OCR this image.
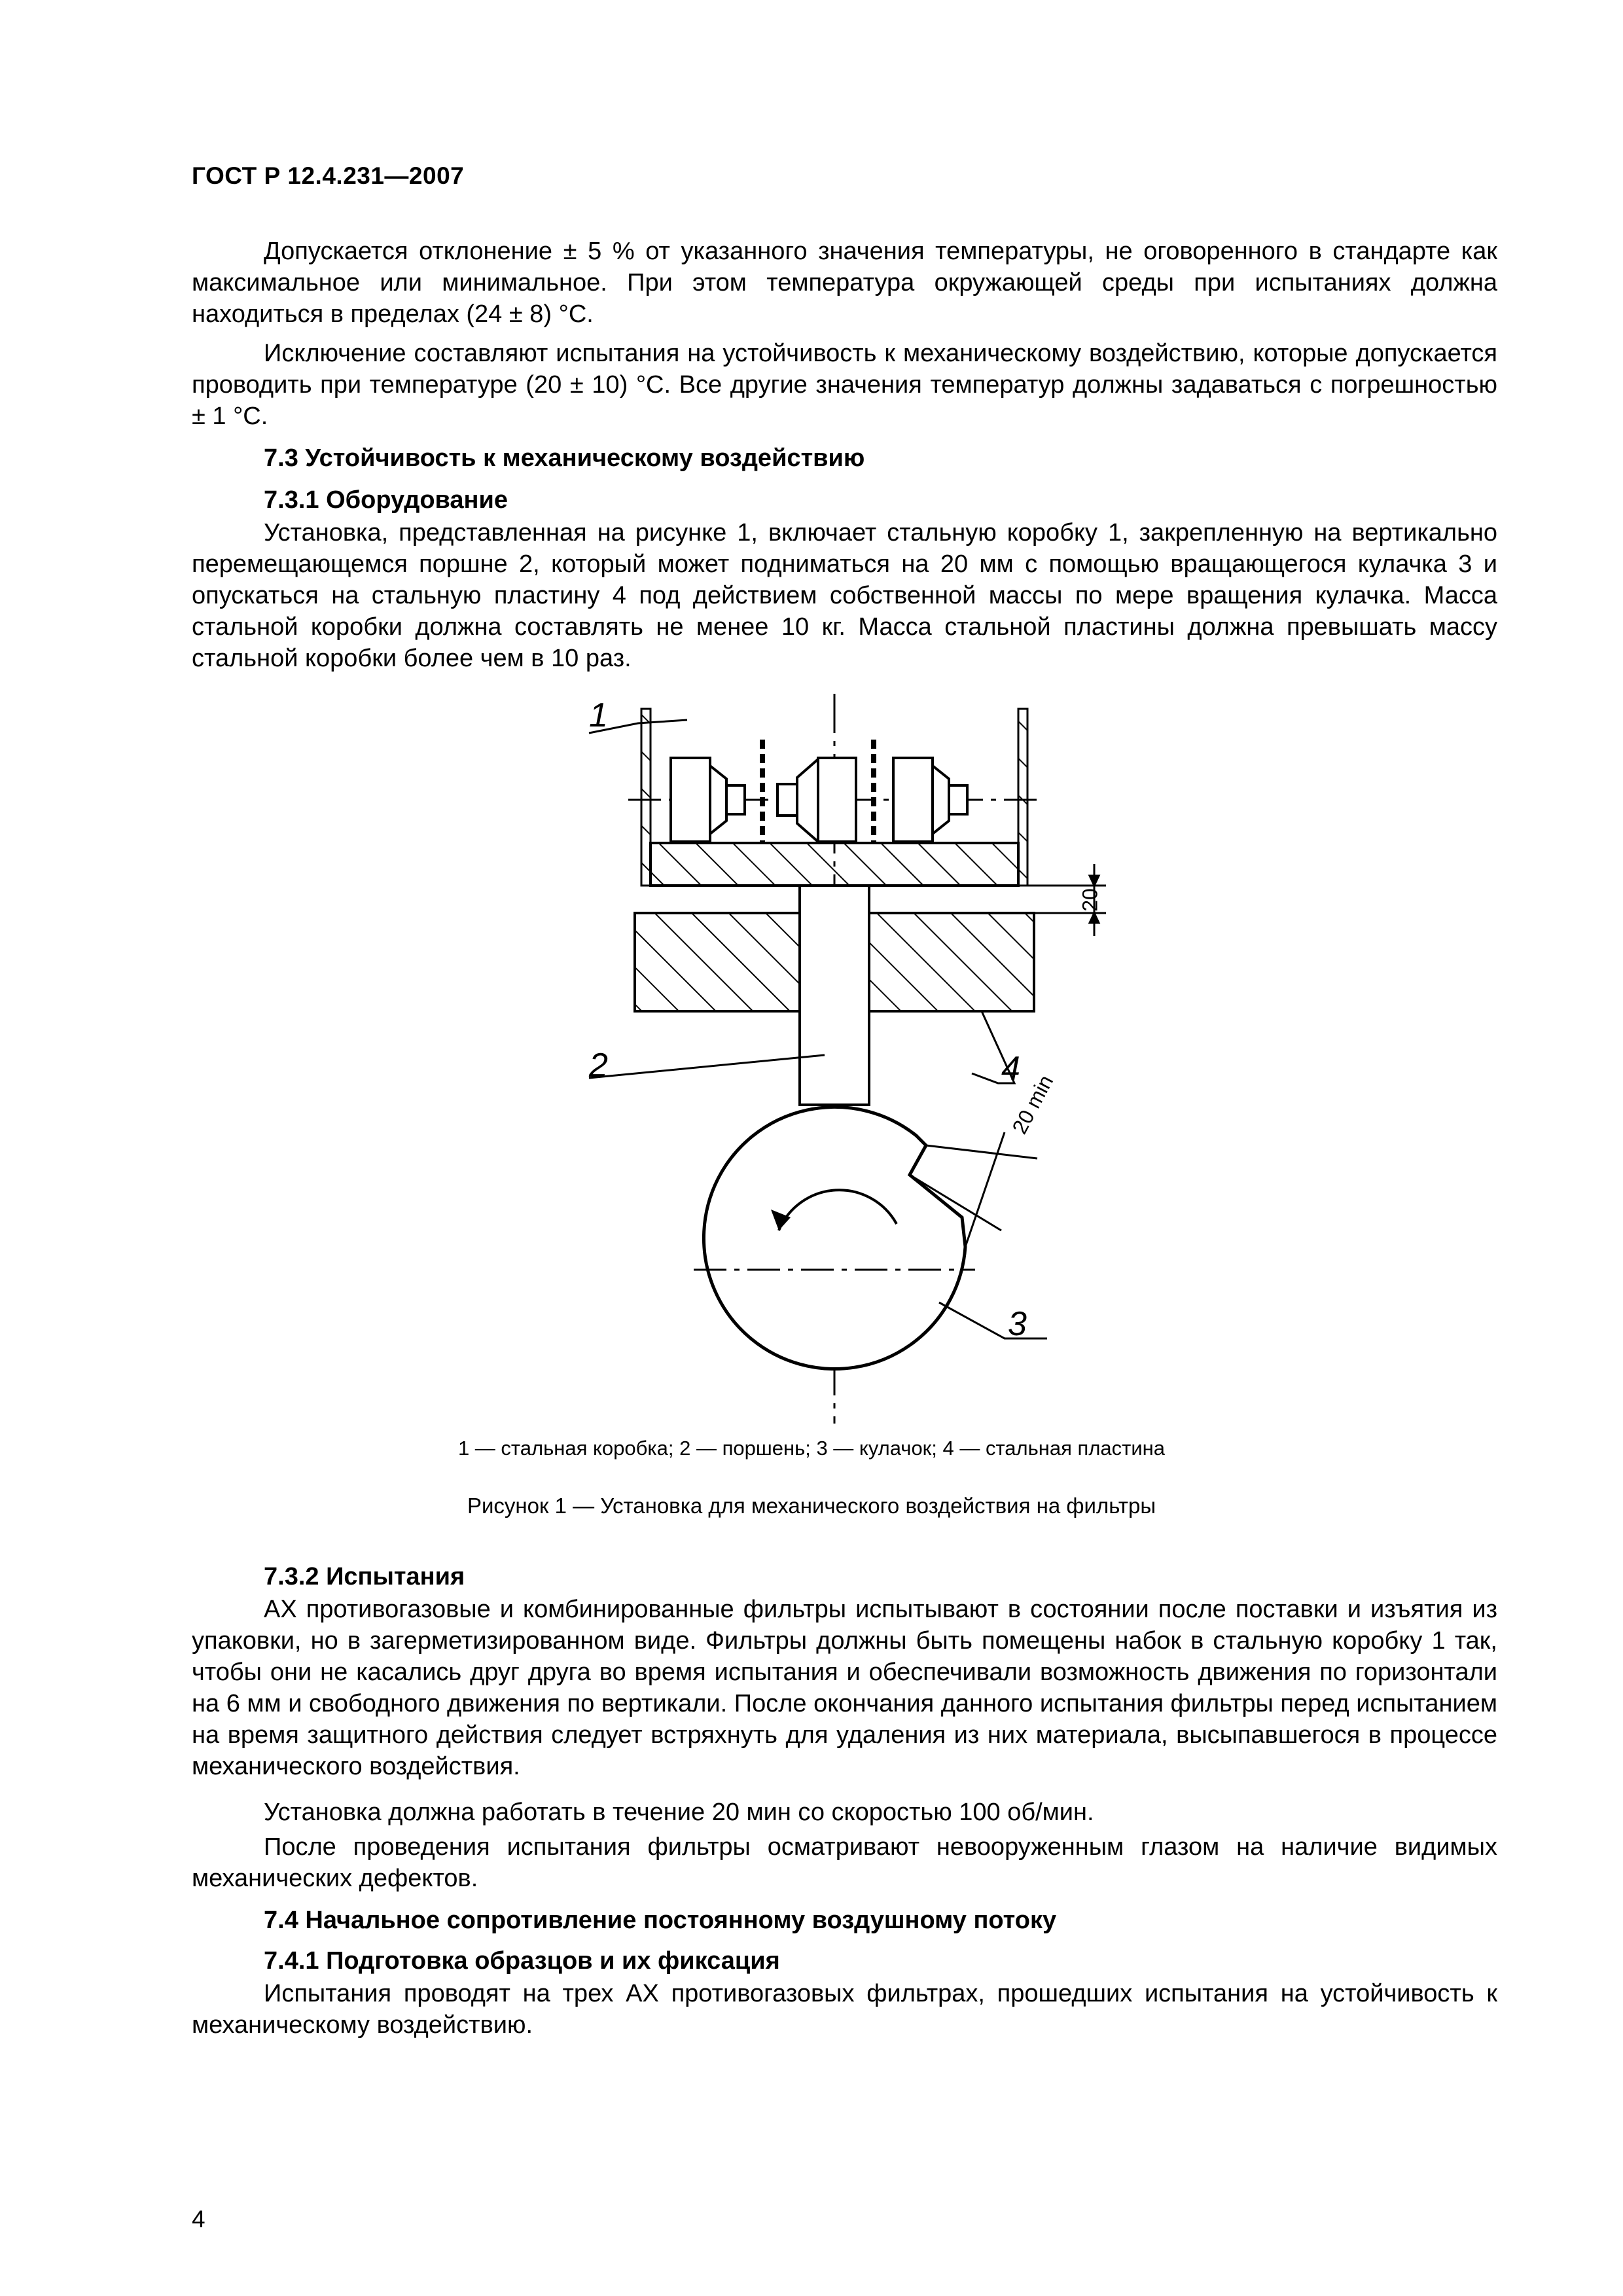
ГОСТ Р 12.4.231—2007

Допускается отклонение ± 5 % от указанного значения температуры, не оговоренного в стандарте как максимальное или минимальное. При этом температура окружающей среды при испытаниях должна находиться в пределах (24 ± 8) °С.

Исключение составляют испытания на устойчивость к механическому воздействию, которые допускается проводить при температуре (20 ± 10) °С. Все другие значения температур должны задаваться с погрешностью ± 1 °С.

7.3 Устойчивость к механическому воздействию

7.3.1 Оборудование

Установка, представленная на рисунке 1, включает стальную коробку 1, закрепленную на вертикально перемещающемся поршне 2, который может подниматься на 20 мм с помощью вращающегося кулачка 3 и опускаться на стальную пластину 4 под действием собственной массы по мере вращения кулачка. Масса стальной коробки должна составлять не менее 10 кг. Масса стальной пластины должна превышать массу стальной коробки более чем в 10 раз.

20
20 min
1
2	4
3
1 — стальная коробка; 2 — поршень; 3 — кулачок; 4 — стальная пластина
Рисунок 1 — Установка для механического воздействия на фильтры

7.3.2 Испытания

АХ противогазовые и комбинированные фильтры испытывают в состоянии после поставки и изъятия из упаковки, но в загерметизированном виде. Фильтры должны быть помещены набок в стальную коробку 1 так, чтобы они не касались друг друга во время испытания и обеспечивали возможность движения по горизонтали на 6 мм и свободного движения по вертикали. После окончания данного испытания фильтры перед испытанием на время защитного действия следует встряхнуть для удаления из них материала, высыпавшегося в процессе механического воздействия.

Установка должна работать в течение 20 мин со скоростью 100 об/мин.

После проведения испытания фильтры осматривают невооруженным глазом на наличие видимых механических дефектов.

7.4 Начальное сопротивление постоянному воздушному потоку

7.4.1 Подготовка образцов и их фиксация

Испытания проводят на трех АХ противогазовых фильтрах, прошедших испытания на устойчивость к механическому воздействию.

4
